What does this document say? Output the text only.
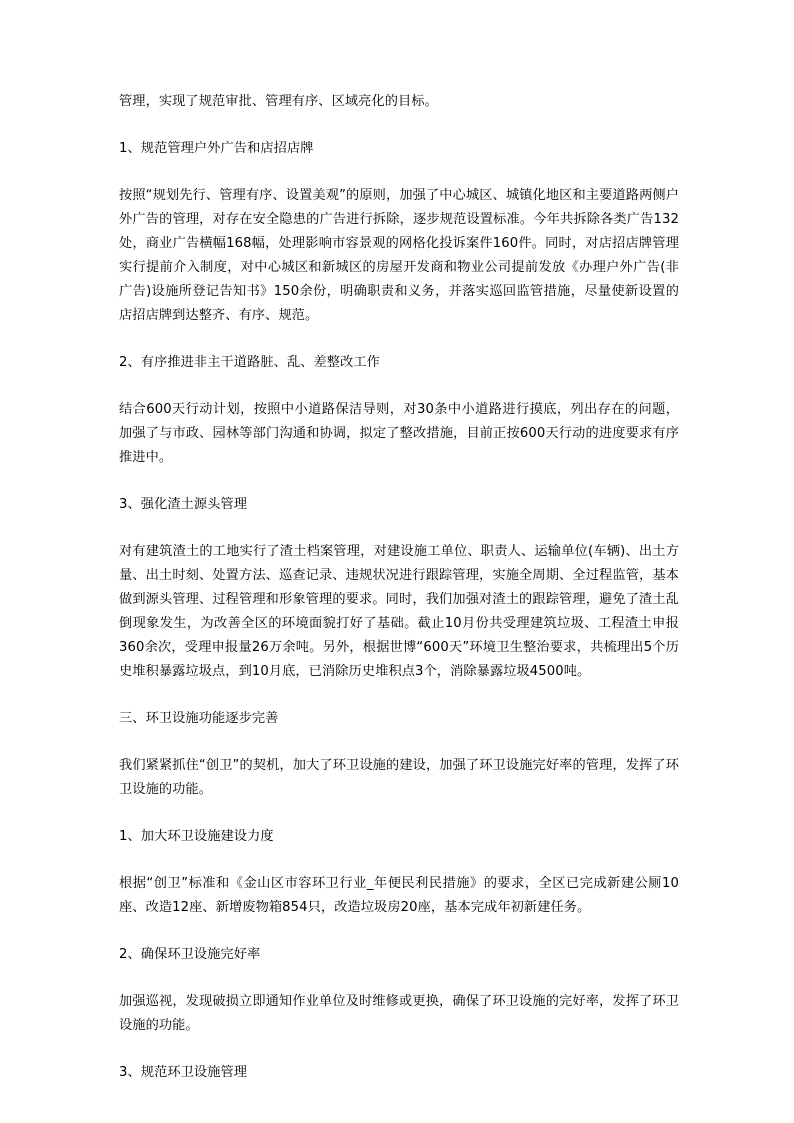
管理，实现了规范审批、管理有序、区域亮化的目标。

1、规范管理户外广告和店招店牌

按照“规划先行、管理有序、设置美观”的原则，加强了中心城区、城镇化地区和主要道路两侧户外广告的管理，对存在安全隐患的广告进行拆除，逐步规范设置标准。今年共拆除各类广告132处，商业广告横幅168幅，处理影响市容景观的网格化投诉案件160件。同时，对店招店牌管理实行提前介入制度，对中心城区和新城区的房屋开发商和物业公司提前发放《办理户外广告(非广告)设施所登记告知书》150余份，明确职责和义务，并落实巡回监管措施，尽量使新设置的店招店牌到达整齐、有序、规范。

2、有序推进非主干道路脏、乱、差整改工作

结合600天行动计划，按照中小道路保洁导则，对30条中小道路进行摸底，列出存在的问题，加强了与市政、园林等部门沟通和协调，拟定了整改措施，目前正按600天行动的进度要求有序推进中。

3、强化渣土源头管理

对有建筑渣土的工地实行了渣土档案管理，对建设施工单位、职责人、运输单位(车辆)、出土方量、出土时刻、处置方法、巡查记录、违规状况进行跟踪管理，实施全周期、全过程监管，基本做到源头管理、过程管理和形象管理的要求。同时，我们加强对渣土的跟踪管理，避免了渣土乱倒现象发生，为改善全区的环境面貌打好了基础。截止10月份共受理建筑垃圾、工程渣土申报360余次，受理申报量26万余吨。另外，根据世博“600天”环境卫生整治要求，共梳理出5个历史堆积暴露垃圾点，到10月底，已消除历史堆积点3个，消除暴露垃圾4500吨。

三、环卫设施功能逐步完善

我们紧紧抓住“创卫”的契机，加大了环卫设施的建设，加强了环卫设施完好率的管理，发挥了环卫设施的功能。

1、加大环卫设施建设力度

根据“创卫”标准和《金山区市容环卫行业_年便民利民措施》的要求，全区已完成新建公厕10座、改造12座、新增废物箱854只，改造垃圾房20座，基本完成年初新建任务。

2、确保环卫设施完好率

加强巡视，发现破损立即通知作业单位及时维修或更换，确保了环卫设施的完好率，发挥了环卫设施的功能。

3、规范环卫设施管理
